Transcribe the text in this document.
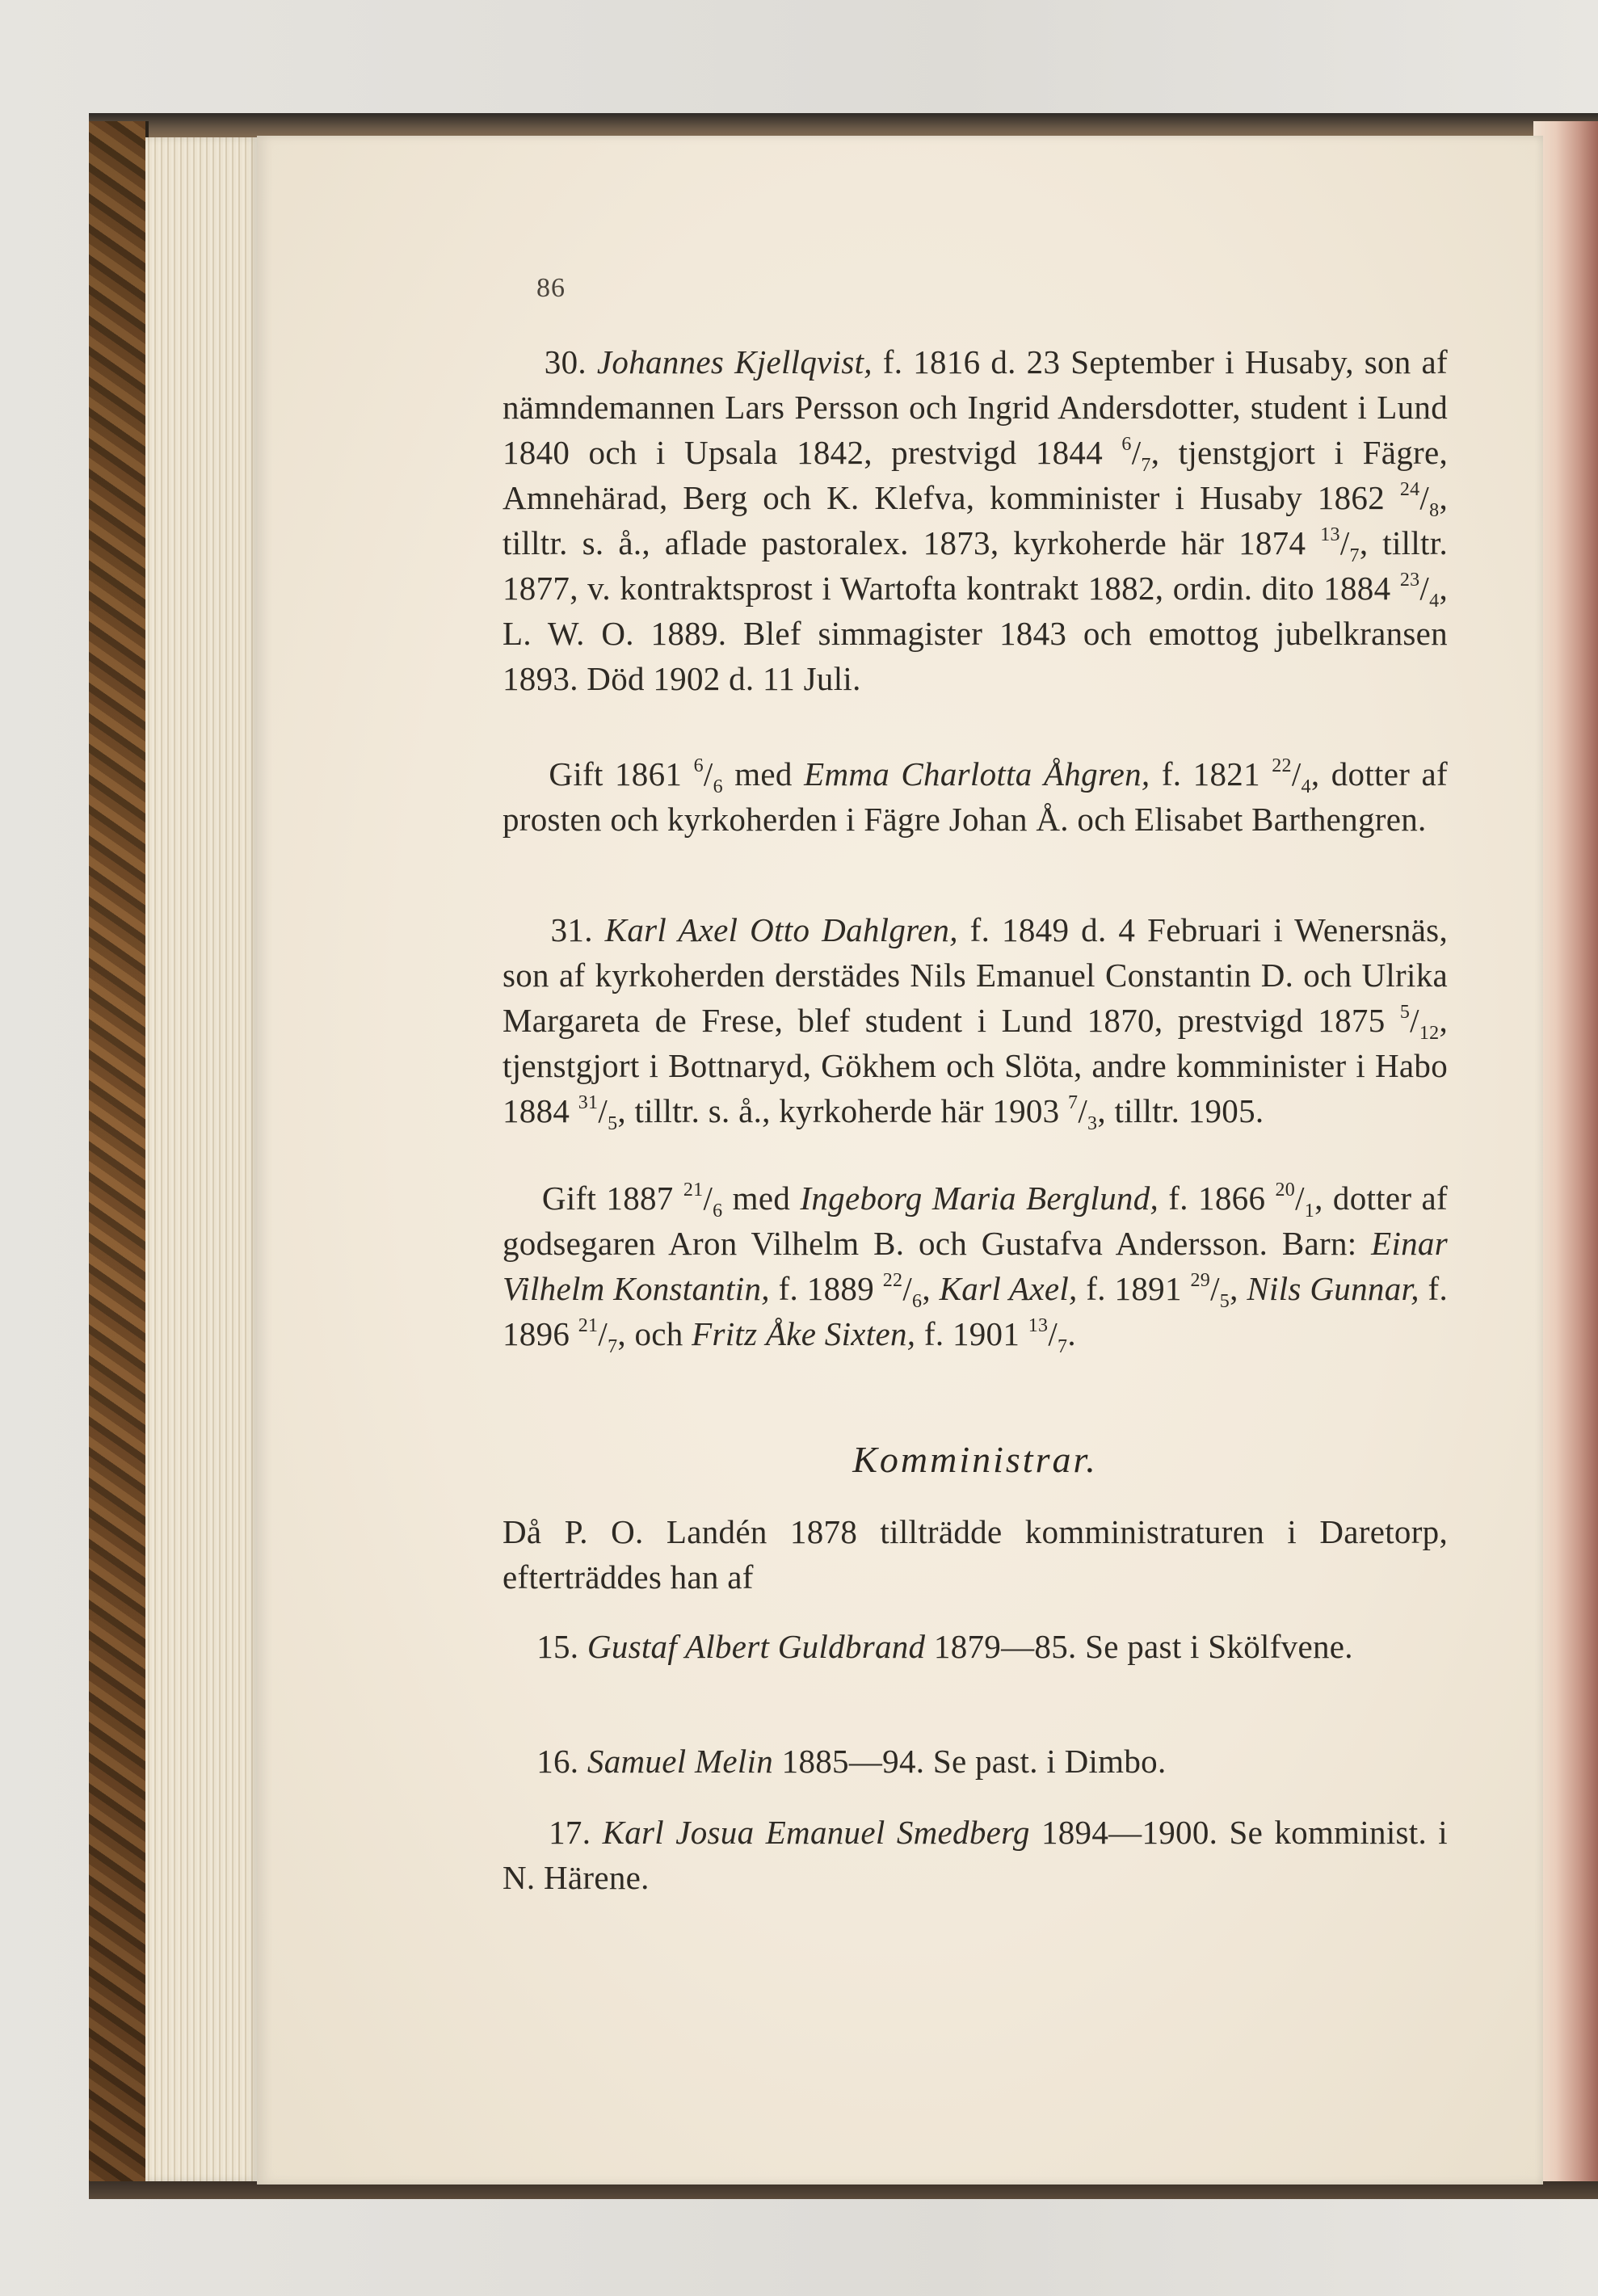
86

30. Johannes Kjellqvist, f. 1816 d. 23 September i Husaby, son af nämndemannen Lars Persson och Ingrid Andersdotter, student i Lund 1840 och i Upsala 1842, prestvigd 1844 $^6/_7$, tjenstgjort i Fägre, Amnehärad, Berg och K. Klefva, komminister i Husaby 1862 $^{24}/_8$, tilltr. s. å., aflade pastoralex. 1873, kyrkoherde här 1874 $^{13}/_7$, tilltr. 1877, v. kontraktsprost i Wartofta kontrakt 1882, ordin. dito 1884 $^{23}/_4$, L. W. O. 1889. Blef simmagister 1843 och emottog jubelkransen 1893. Död 1902 d. 11 Juli.

Gift 1861 $^6/_6$ med Emma Charlotta Åhgren, f. 1821 $^{22}/_4$, dotter af prosten och kyrkoherden i Fägre Johan Å. och Elisabet Barthengren.

31. Karl Axel Otto Dahlgren, f. 1849 d. 4 Februari i Wenersnäs, son af kyrkoherden derstädes Nils Emanuel Constantin D. och Ulrika Margareta de Frese, blef student i Lund 1870, prestvigd 1875 $^5/_{12}$, tjenstgjort i Bottnaryd, Gökhem och Slöta, andre komminister i Habo 1884 $^{31}/_5$, tilltr. s. å., kyrkoherde här 1903 $^7/_3$, tilltr. 1905.

Gift 1887 $^{21}/_6$ med Ingeborg Maria Berglund, f. 1866 $^{20}/_1$, dotter af godsegaren Aron Vilhelm B. och Gustafva Andersson. Barn: Einar Vilhelm Konstantin, f. 1889 $^{22}/_6$, Karl Axel, f. 1891 $^{29}/_5$, Nils Gunnar, f. 1896 $^{21}/_7$, och Fritz Åke Sixten, f. 1901 $^{13}/_7$.

Komministrar.

Då P. O. Landén 1878 tillträdde komministraturen i Daretorp, efterträddes han af

15. Gustaf Albert Guldbrand 1879—85. Se past i Skölfvene.

16. Samuel Melin 1885—94. Se past. i Dimbo.

17. Karl Josua Emanuel Smedberg 1894—1900. Se komminist. i N. Härene.
